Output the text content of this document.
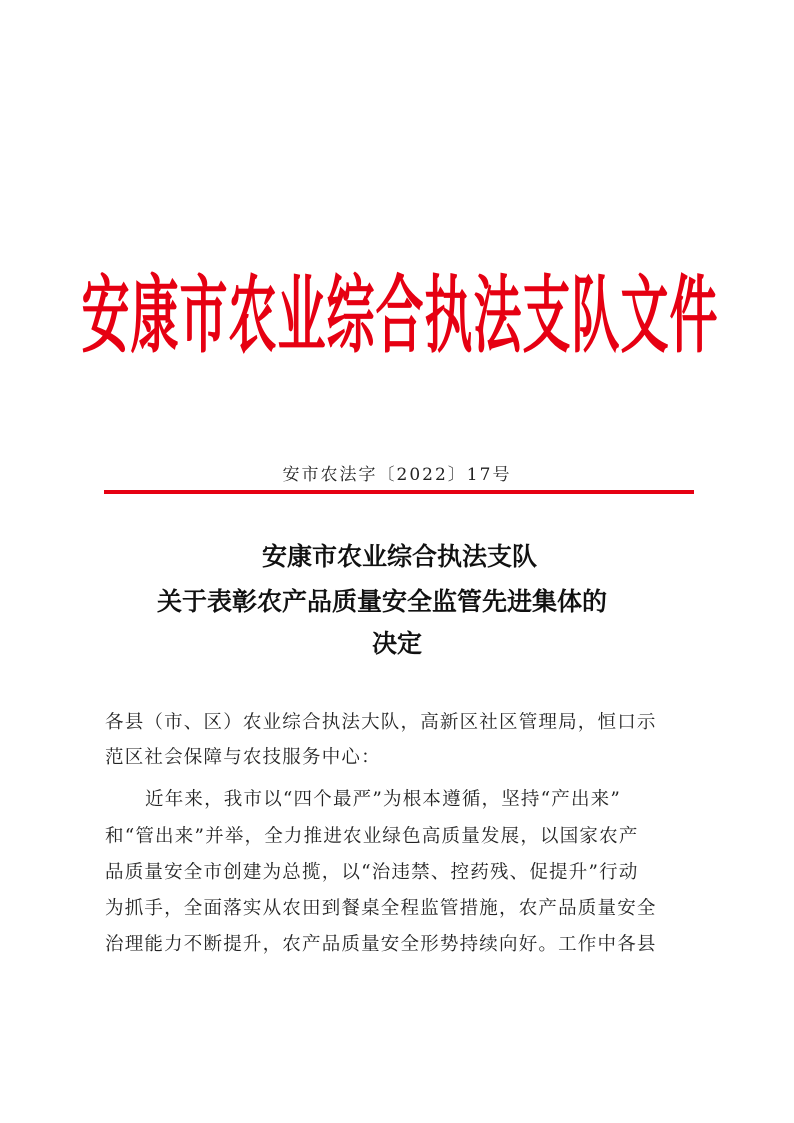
安康市农业综合执法支队文件
安市农法字〔2022〕17号
安康市农业综合执法支队
关于表彰农产品质量安全监管先进集体的
决定
各县（市、区）农业综合执法大队，高新区社区管理局，恒口示
范区社会保障与农技服务中心：
近年来，我市以“四个最严”为根本遵循，坚持“产出来”
和“管出来”并举，全力推进农业绿色高质量发展，以国家农产
品质量安全市创建为总揽，以“治违禁、控药残、促提升”行动
为抓手，全面落实从农田到餐桌全程监管措施，农产品质量安全
治理能力不断提升，农产品质量安全形势持续向好。工作中各县
